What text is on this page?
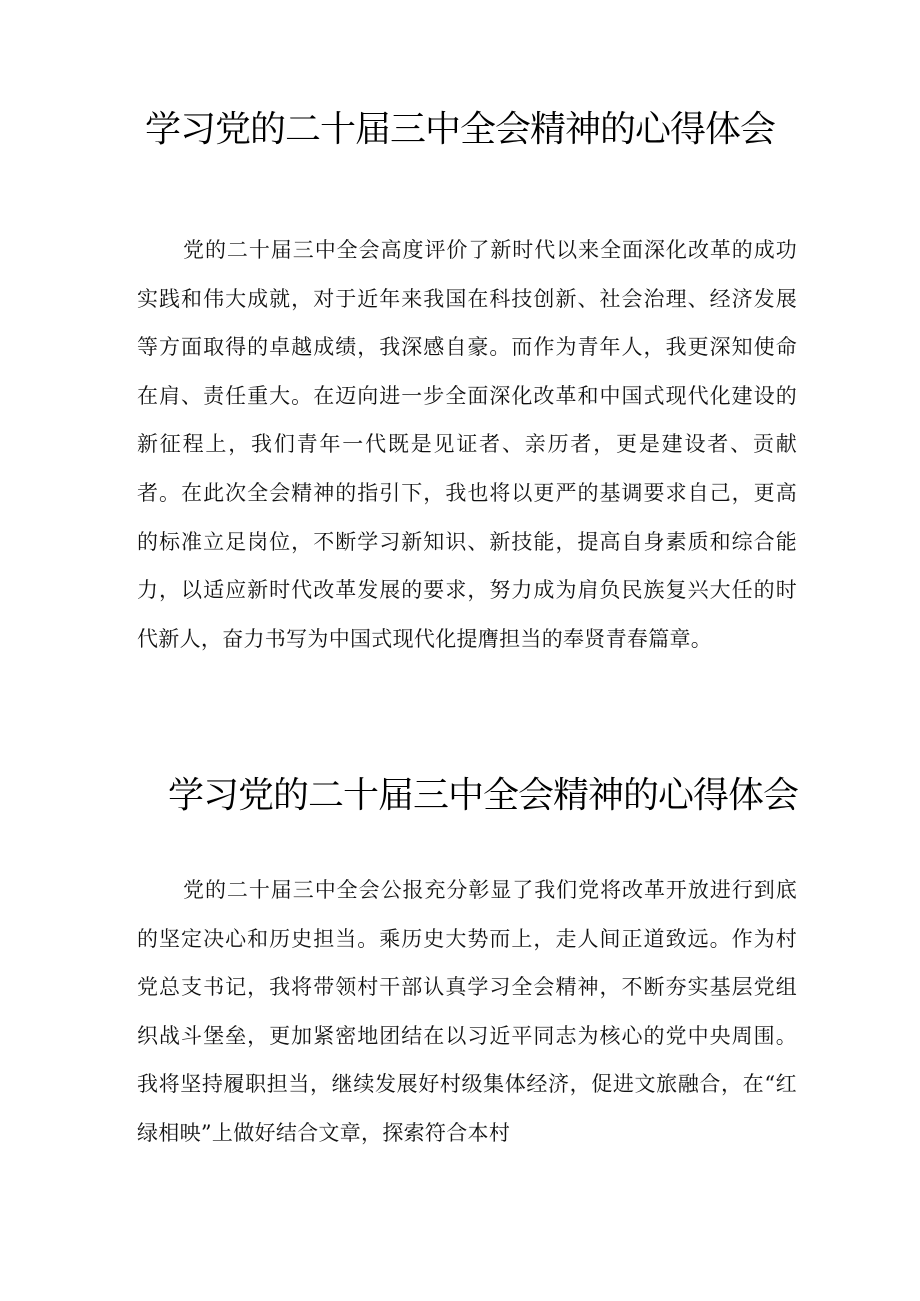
学习党的二十届三中全会精神的心得体会

党的二十届三中全会高度评价了新时代以来全面深化改革的成功实践和伟大成就，对于近年来我国在科技创新、社会治理、经济发展等方面取得的卓越成绩，我深感自豪。而作为青年人，我更深知使命在肩、责任重大。在迈向进一步全面深化改革和中国式现代化建设的新征程上，我们青年一代既是见证者、亲历者，更是建设者、贡献者。在此次全会精神的指引下，我也将以更严的基调要求自己，更高的标准立足岗位，不断学习新知识、新技能，提高自身素质和综合能力，以适应新时代改革发展的要求，努力成为肩负民族复兴大任的时代新人，奋力书写为中国式现代化提膺担当的奉贤青春篇章。

学习党的二十届三中全会精神的心得体会

党的二十届三中全会公报充分彰显了我们党将改革开放进行到底的坚定决心和历史担当。乘历史大势而上，走人间正道致远。作为村党总支书记，我将带领村干部认真学习全会精神，不断夯实基层党组织战斗堡垒，更加紧密地团结在以习近平同志为核心的党中央周围。我将坚持履职担当，继续发展好村级集体经济，促进文旅融合，在“红绿相映”上做好结合文章，探索符合本村
